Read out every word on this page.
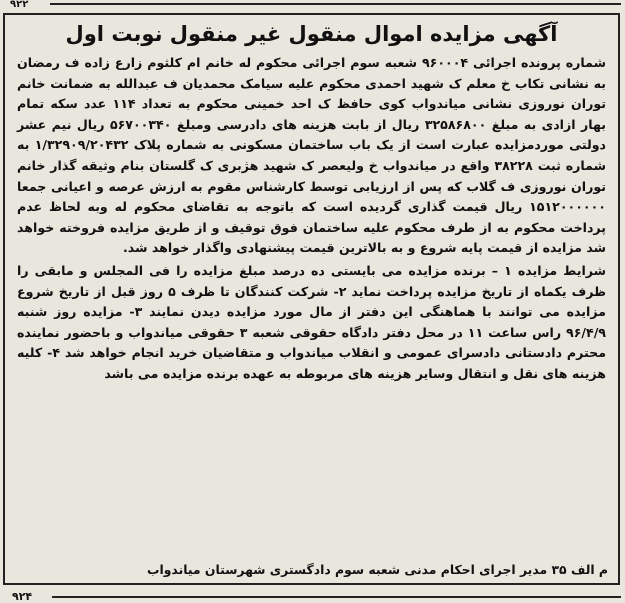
۹۲۲
آگهی مزایده اموال منقول غیر منقول نوبت اول

شماره پرونده اجرائی ۹۶۰۰۰۴ شعبه سوم اجرائی محکوم له خانم ام کلثوم زارع زاده ف رمضان به نشانی تکاب خ معلم ک شهید احمدی محکوم علیه سیامک محمدیان ف عبدالله به ضمانت خانم توران نوروزی نشانی میاندواب کوی حافظ ک احد خمینی محکوم به تعداد ۱۱۴ عدد سکه تمام بهار ازادی به مبلغ ۳۲۵۸۶۸۰۰ ریال از بابت هزینه های دادرسی ومبلغ ۵۶۷۰۰۳۴۰ ریال نیم عشر دولتی موردمزایده عبارت است از یک باب ساختمان مسکونی به شماره پلاک ۱/۳۲۹۰۹/۲۰۴۳۲ به شماره ثبت ۳۸۲۲۸ واقع در میاندواب خ ولیعصر ک شهید هژبری ک گلستان بنام وثیقه گذار خانم توران نوروزی ف گلاب که پس از ارزیابی توسط کارشناس مقوم به ارزش عرصه و اعیانی جمعا ۱۵۱۲۰۰۰۰۰۰ ریال قیمت گذاری گردیده است که باتوجه به تقاضای محکوم له وبه لحاظ عدم پرداخت محکوم به از طرف محکوم علیه ساختمان فوق توقیف و از طریق مزایده فروخته خواهد شد مزایده از قیمت پایه شروع و به بالاترین قیمت پیشنهادی واگذار خواهد شد.

شرایط مزایده ۱ – برنده مزایده می بایستی ده درصد مبلغ مزایده را فی المجلس و مابقی را ظرف یکماه از تاریخ مزایده پرداخت نماید ۲- شرکت کنندگان تا ظرف ۵ روز قبل از تاریخ شروع مزایده می توانند با هماهنگی این دفتر از مال مورد مزایده دیدن نمایند ۳- مزایده روز شنبه ۹۶/۴/۹ راس ساعت ۱۱ در محل دفتر دادگاه حقوقی شعبه ۳ حقوقی میاندواب و باحضور نماینده محترم دادستانی دادسرای عمومی و انقلاب میاندواب و متقاضیان خرید انجام خواهد شد ۴- کلیه هزینه های نقل و انتقال وسایر هزینه های مربوطه به عهده برنده مزایده می باشد

م الف ۳۵ مدیر اجرای احکام مدنی شعبه سوم دادگستری شهرستان میاندواب
۹۲۴
